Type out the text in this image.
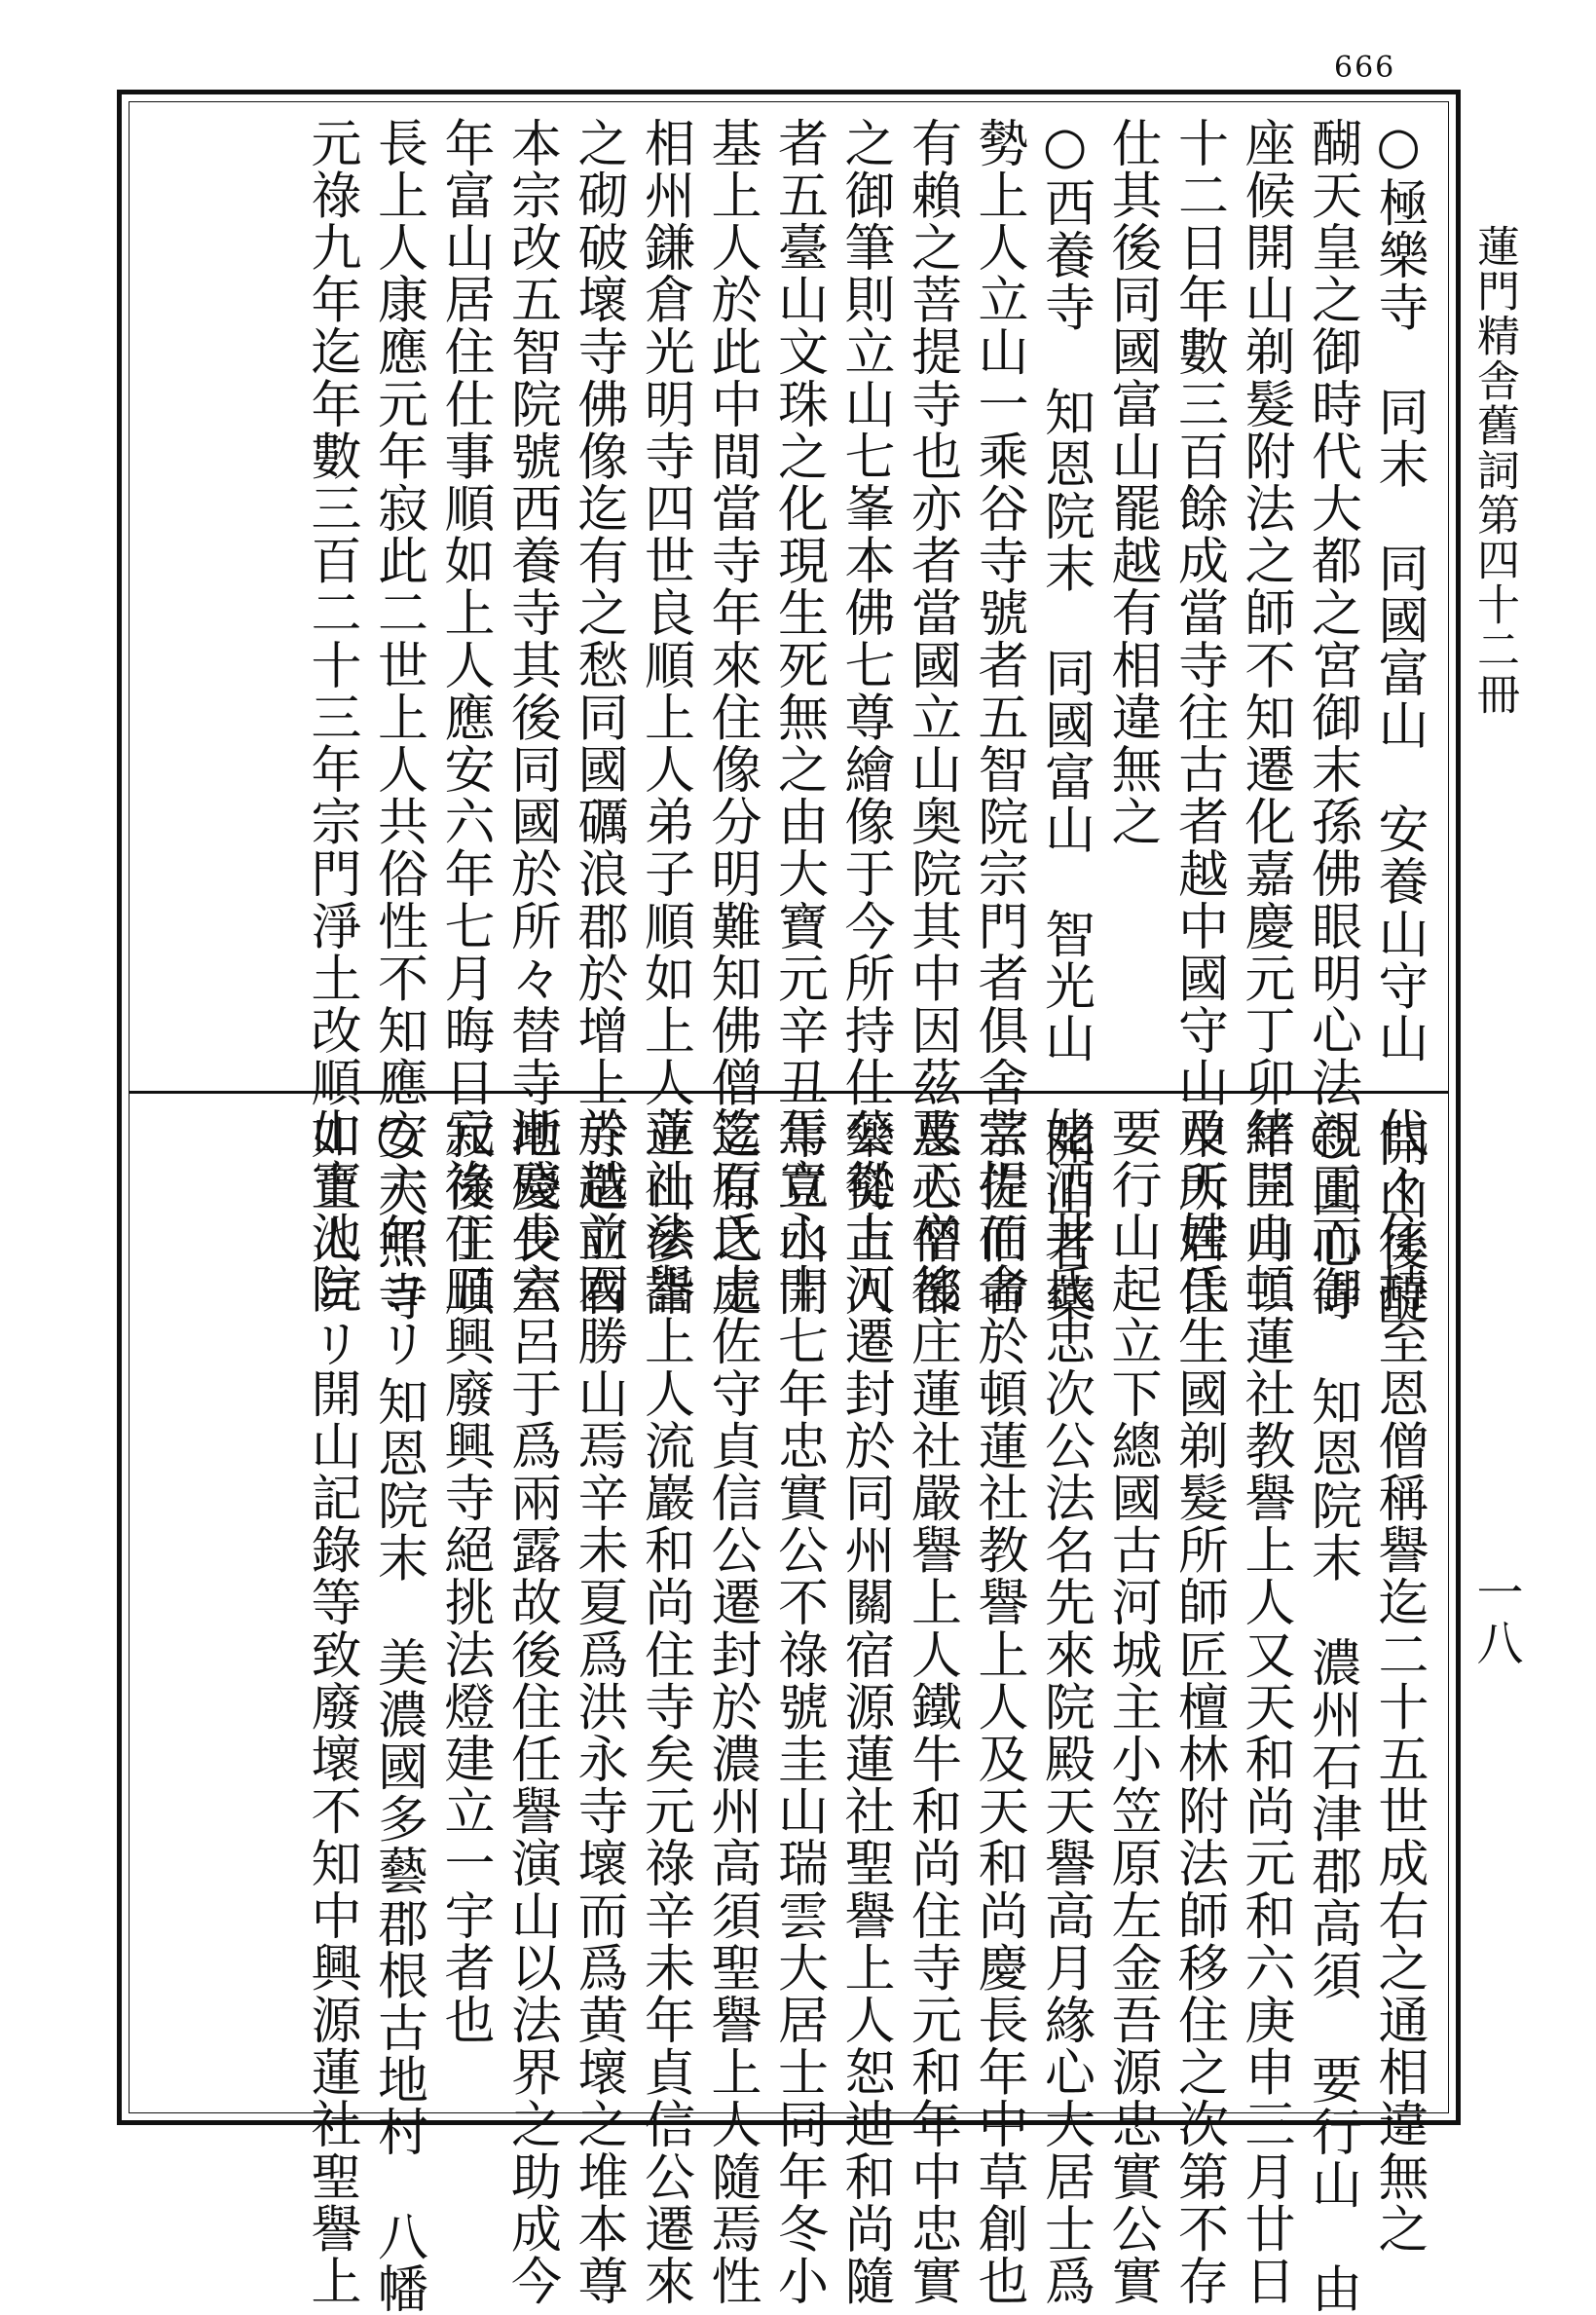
666
蓮門精舎舊詞第四十二冊
一八
○極樂寺　同末　同國富山　安養山守山　開山後醍
醐天皇之御時代大都之宮御末孫佛眼明心法親王而御
座候開山剃髮附法之師不知遷化嘉慶元丁卯年三月二
十二日年數三百餘成當寺往古者越中國守山申所居住
仕其後同國富山罷越有相違無之
○西養寺　知恩院末　同國富山　智光山　開山者藥
勢上人立山一乘谷寺號者五智院宗門者俱舍宗佐伯者
有賴之菩提寺也亦者當國立山奥院其中因茲惠心僧都
之御筆則立山七峯本佛七尊繪像于今所持仕藥勢上人
者五臺山文珠之化現生死無之由大寶元辛丑年立山開
基上人於此中間當寺年來住像分明難知佛僧迄有之處
相州鎌倉光明寺四世良順上人弟子順如上人立山參詣
之砌破壞寺佛像迄有之愁同國礪浪郡於增上寺造立右
本宗改五智院號西養寺其後同國於所々替寺地慶長六
年富山居住仕事順如上人應安六年七月晦日寂後住順
長上人康應元年寂此二世上人共俗性不知應安六年ヨリ
元祿九年迄年數三百二十三年宗門淨土改順如上人ヨリ
代々住持至恩僧稱譽迄二十五世成右之通相違無之
○圓心寺　知恩院末　濃州石津郡高須　要行山　由
緒開山頓蓮社教譽上人又天和尚元和六庚申三月廿日
及天姓氏生國剃髮所師匠檀林附法師移住之次第不存
要行山起立下總國古河城主小笠原左金吾源忠實公實
姥酒井氏忠次公法名先來院殿天譽高月緣心大居士爲
菩提而命於頓蓮社教譽上人及天和尚慶長年中草創也
及天卒後庄蓮社嚴譽上人鐵牛和尚住寺元和年中忠實
公從古河遷封於同州關宿源蓮社聖譽上人恕迪和尚隨
焉寬永十七年忠實公不祿號圭山瑞雲大居士同年冬小
笠原氏土佐守貞信公遷封於濃州高須聖譽上人隨焉性
蓮社法譽上人流巖和尚住寺矣元祿辛未年貞信公遷來
於越前國勝山焉辛未夏爲洪永寺壞而爲黄壞之堆本尊
漸殘少室呂于爲兩露故後住任譽演山以法界之助成今
元祿丁丑興廢興寺絕挑法燈建立一宇者也
○天照寺　知恩院末　美濃國多藝郡根古地村　八幡
山寶池院　開山記錄等致廢壞不知中興源蓮社聖譽上
